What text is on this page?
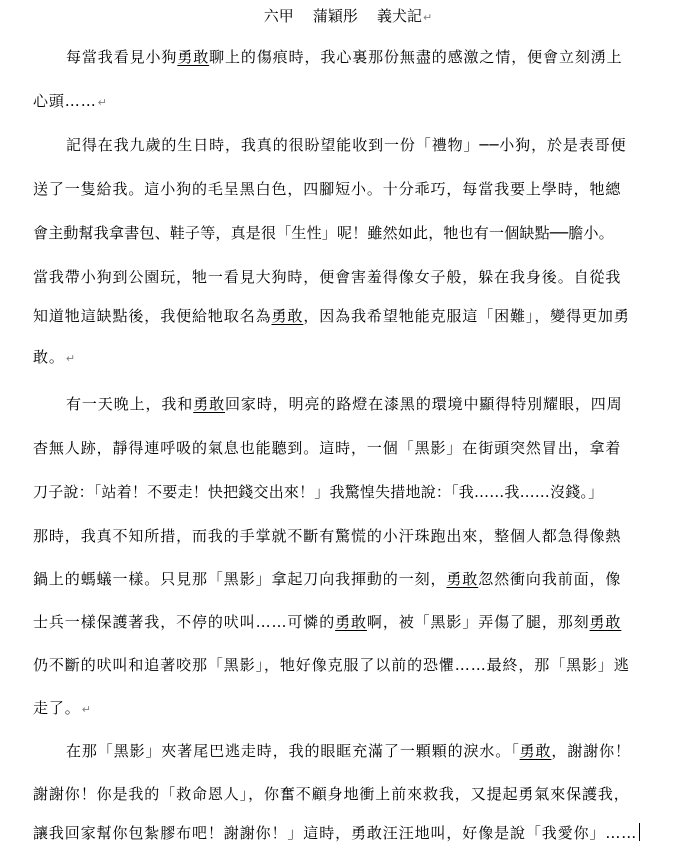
六甲 蒲穎彤 義犬記↵
每當我看見小狗勇敢聊上的傷痕時，我心裏那份無盡的感激之情，便會立刻湧上
心頭……↵
記得在我九歲的生日時，我真的很盼望能收到一份「禮物」──小狗，於是表哥便
送了一隻給我。這小狗的毛呈黑白色，四腳短小。十分乖巧，每當我要上學時，牠總
會主動幫我拿書包、鞋子等，真是很「生性」呢！雖然如此，牠也有一個缺點──膽小。
當我帶小狗到公園玩，牠一看見大狗時，便會害羞得像女子般，躲在我身後。自從我
知道牠這缺點後，我便給牠取名為勇敢，因為我希望牠能克服這「困難」，變得更加勇
敢。↵
有一天晚上，我和勇敢回家時，明亮的路燈在漆黑的環境中顯得特別耀眼，四周
杳無人跡，靜得連呼吸的氣息也能聽到。這時，一個「黑影」在街頭突然冒出，拿着
刀子說：「站着！不要走！快把錢交出來！」我驚惶失措地說：「我……我……沒錢。」
那時，我真不知所措，而我的手掌就不斷有驚慌的小汗珠跑出來，整個人都急得像熱
鍋上的螞蟻一樣。只見那「黑影」拿起刀向我揮動的一刻，勇敢忽然衝向我前面，像
士兵一樣保護著我，不停的吠叫……可憐的勇敢啊，被「黑影」弄傷了腿，那刻勇敢
仍不斷的吠叫和追著咬那「黑影」，牠好像克服了以前的恐懼……最終，那「黑影」逃
走了。↵
在那「黑影」夾著尾巴逃走時，我的眼眶充滿了一顆顆的淚水。「勇敢，謝謝你！
謝謝你！你是我的「救命恩人」，你奮不顧身地衝上前來救我，又提起勇氣來保護我，
讓我回家幫你包紮膠布吧！謝謝你！」這時，勇敢汪汪地叫，好像是說「我愛你」……
